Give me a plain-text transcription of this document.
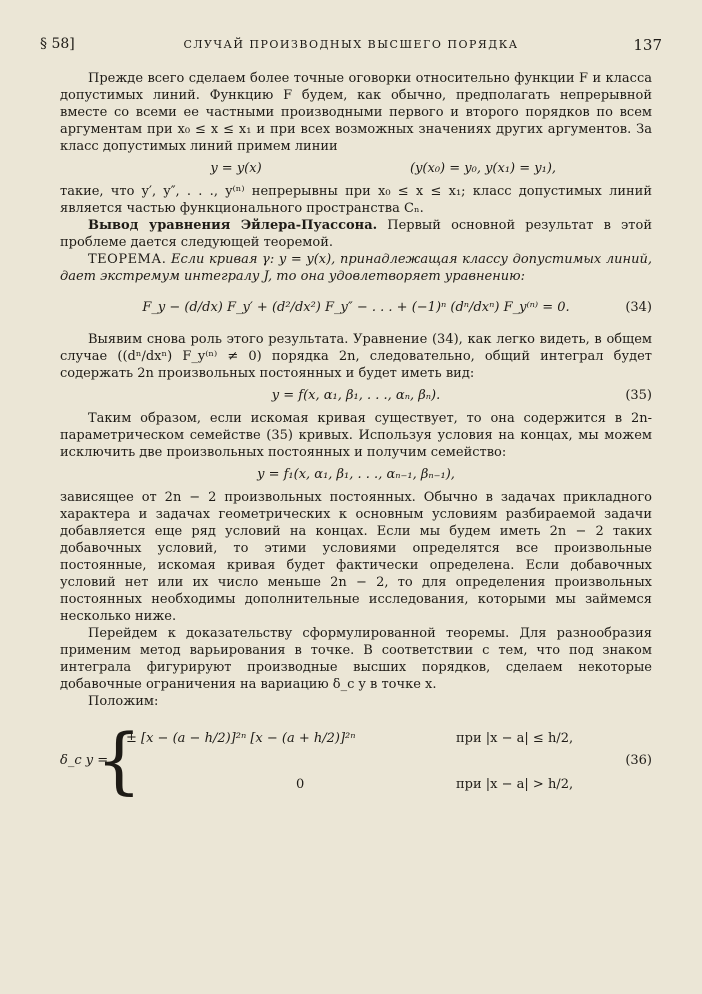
§ 58]	СЛУЧАЙ ПРОИЗВОДНЫХ ВЫСШЕГО ПОРЯДКА	137

Прежде всего сделаем более точные оговорки относительно функции F и класса допустимых линий. Функцию F будем, как обычно, предполагать непрерывной вместе со всеми ее частными производными первого и второго порядков по всем аргументам при x₀ ≤ x ≤ x₁ и при всех возможных значениях других аргументов. За класс допустимых линий примем линии

y = y(x)	(y(x₀) = y₀, y(x₁) = y₁),

такие, что y′, y″, . . ., y⁽ⁿ⁾ непрерывны при x₀ ≤ x ≤ x₁; класс допустимых линий является частью функционального пространства Cₙ.

Вывод уравнения Эйлера-Пуассона. Первый основной результат в этой проблеме дается следующей теоремой.

ТЕОРЕМА. Если кривая γ: y = y(x), принадлежащая классу допустимых линий, дает экстремум интегралу J, то она удовлетворяет уравнению:

F_y − (d/dx) F_y′ + (d²/dx²) F_y″ − . . . + (−1)ⁿ (dⁿ/dxⁿ) F_y⁽ⁿ⁾ = 0.	(34)

Выявим снова роль этого результата. Уравнение (34), как легко видеть, в общем случае ((dⁿ/dxⁿ) F_y⁽ⁿ⁾ ≠ 0) порядка 2n, следовательно, общий интеграл будет содержать 2n произвольных постоянных и будет иметь вид:

y = f(x, α₁, β₁, . . ., αₙ, βₙ).	(35)

Таким образом, если искомая кривая существует, то она содержится в 2n-параметрическом семействе (35) кривых. Используя условия на концах, мы можем исключить две произвольных постоянных и получим семейство:

y = f₁(x, α₁, β₁, . . ., αₙ₋₁, βₙ₋₁),

зависящее от 2n − 2 произвольных постоянных. Обычно в задачах прикладного характера и задачах геометрических к основным условиям разбираемой задачи добавляется еще ряд условий на концах. Если мы будем иметь 2n − 2 таких добавочных условий, то этими условиями определятся все произвольные постоянные, искомая кривая будет фактически определена. Если добавочных условий нет или их число меньше 2n − 2, то для определения произвольных постоянных необходимы дополнительные исследования, которыми мы займемся несколько ниже.

Перейдем к доказательству сформулированной теоремы. Для разнообразия применим метод варьирования в точке. В соответствии с тем, что под знаком интеграла фигурируют производные высших порядков, сделаем некоторые добавочные ограничения на вариацию δ_c y в точке x.

Положим:

δ_c y =
{
± [x − (a − h/2)]²ⁿ [x − (a + h/2)]²ⁿ	при |x − a| ≤ h/2,
0	при |x − a| > h/2,
(36)
